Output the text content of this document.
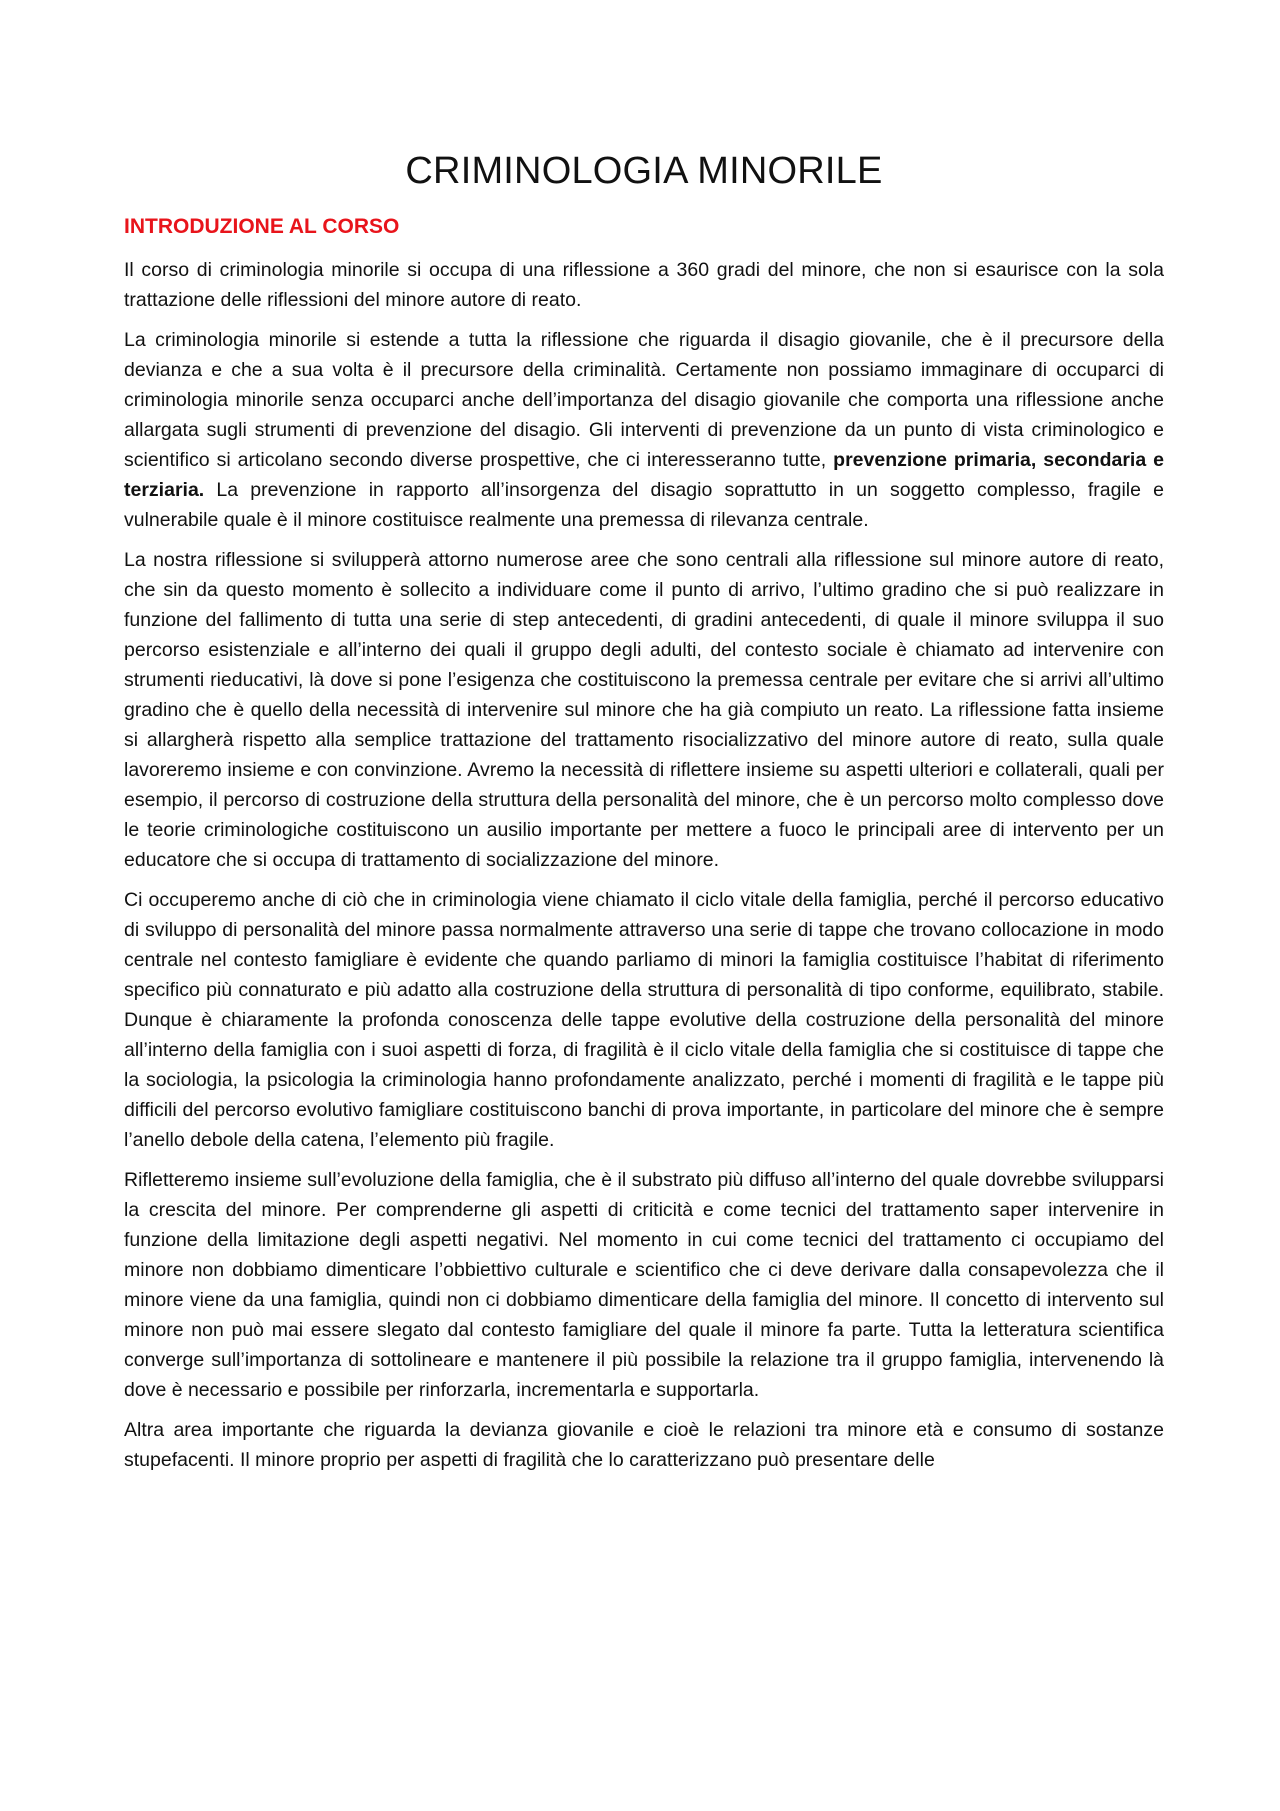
CRIMINOLOGIA MINORILE
INTRODUZIONE AL CORSO

Il corso di criminologia minorile si occupa di una riflessione a 360 gradi del minore, che non si esaurisce con la sola trattazione delle riflessioni del minore autore di reato.

La criminologia minorile si estende a tutta la riflessione che riguarda il disagio giovanile, che è il precursore della devianza e che a sua volta è il precursore della criminalità. Certamente non possiamo immaginare di occuparci di criminologia minorile senza occuparci anche dell’importanza del disagio giovanile che comporta una riflessione anche allargata sugli strumenti di prevenzione del disagio. Gli interventi di prevenzione da un punto di vista criminologico e scientifico si articolano secondo diverse prospettive, che ci interesseranno tutte, prevenzione primaria, secondaria e terziaria. La prevenzione in rapporto all’insorgenza del disagio soprattutto in un soggetto complesso, fragile e vulnerabile quale è il minore costituisce realmente una premessa di rilevanza centrale.

La nostra riflessione si svilupperà attorno numerose aree che sono centrali alla riflessione sul minore autore di reato, che sin da questo momento è sollecito a individuare come il punto di arrivo, l’ultimo gradino che si può realizzare in funzione del fallimento di tutta una serie di step antecedenti, di gradini antecedenti, di quale il minore sviluppa il suo percorso esistenziale e all’interno dei quali il gruppo degli adulti, del contesto sociale è chiamato ad intervenire con strumenti rieducativi, là dove si pone l’esigenza che costituiscono la premessa centrale per evitare che si arrivi all’ultimo gradino che è quello della necessità di intervenire sul minore che ha già compiuto un reato. La riflessione fatta insieme si allargherà rispetto alla semplice trattazione del trattamento risocializzativo del minore autore di reato, sulla quale lavoreremo insieme e con convinzione. Avremo la necessità di riflettere insieme su aspetti ulteriori e collaterali, quali per esempio, il percorso di costruzione della struttura della personalità del minore, che è un percorso molto complesso dove le teorie criminologiche costituiscono un ausilio importante per mettere a fuoco le principali aree di intervento per un educatore che si occupa di trattamento di socializzazione del minore.

Ci occuperemo anche di ciò che in criminologia viene chiamato il ciclo vitale della famiglia, perché il percorso educativo di sviluppo di personalità del minore passa normalmente attraverso una serie di tappe che trovano collocazione in modo centrale nel contesto famigliare è evidente che quando parliamo di minori la famiglia costituisce l’habitat di riferimento specifico più connaturato e più adatto alla costruzione della struttura di personalità di tipo conforme, equilibrato, stabile. Dunque è chiaramente la profonda conoscenza delle tappe evolutive della costruzione della personalità del minore all’interno della famiglia con i suoi aspetti di forza, di fragilità è il ciclo vitale della famiglia che si costituisce di tappe che la sociologia, la psicologia la criminologia hanno profondamente analizzato, perché i momenti di fragilità e le tappe più difficili del percorso evolutivo famigliare costituiscono banchi di prova importante, in particolare del minore che è sempre l’anello debole della catena, l’elemento più fragile.

Rifletteremo insieme sull’evoluzione della famiglia, che è il substrato più diffuso all’interno del quale dovrebbe svilupparsi la crescita del minore. Per comprenderne gli aspetti di criticità e come tecnici del trattamento saper intervenire in funzione della limitazione degli aspetti negativi. Nel momento in cui come tecnici del trattamento ci occupiamo del minore non dobbiamo dimenticare l’obbiettivo culturale e scientifico che ci deve derivare dalla consapevolezza che il minore viene da una famiglia, quindi non ci dobbiamo dimenticare della famiglia del minore. Il concetto di intervento sul minore non può mai essere slegato dal contesto famigliare del quale il minore fa parte. Tutta la letteratura scientifica converge sull’importanza di sottolineare e mantenere il più possibile la relazione tra il gruppo famiglia, intervenendo là dove è necessario e possibile per rinforzarla, incrementarla e supportarla.

Altra area importante che riguarda la devianza giovanile e cioè le relazioni tra minore età e consumo di sostanze stupefacenti. Il minore proprio per aspetti di fragilità che lo caratterizzano può presentare delle
